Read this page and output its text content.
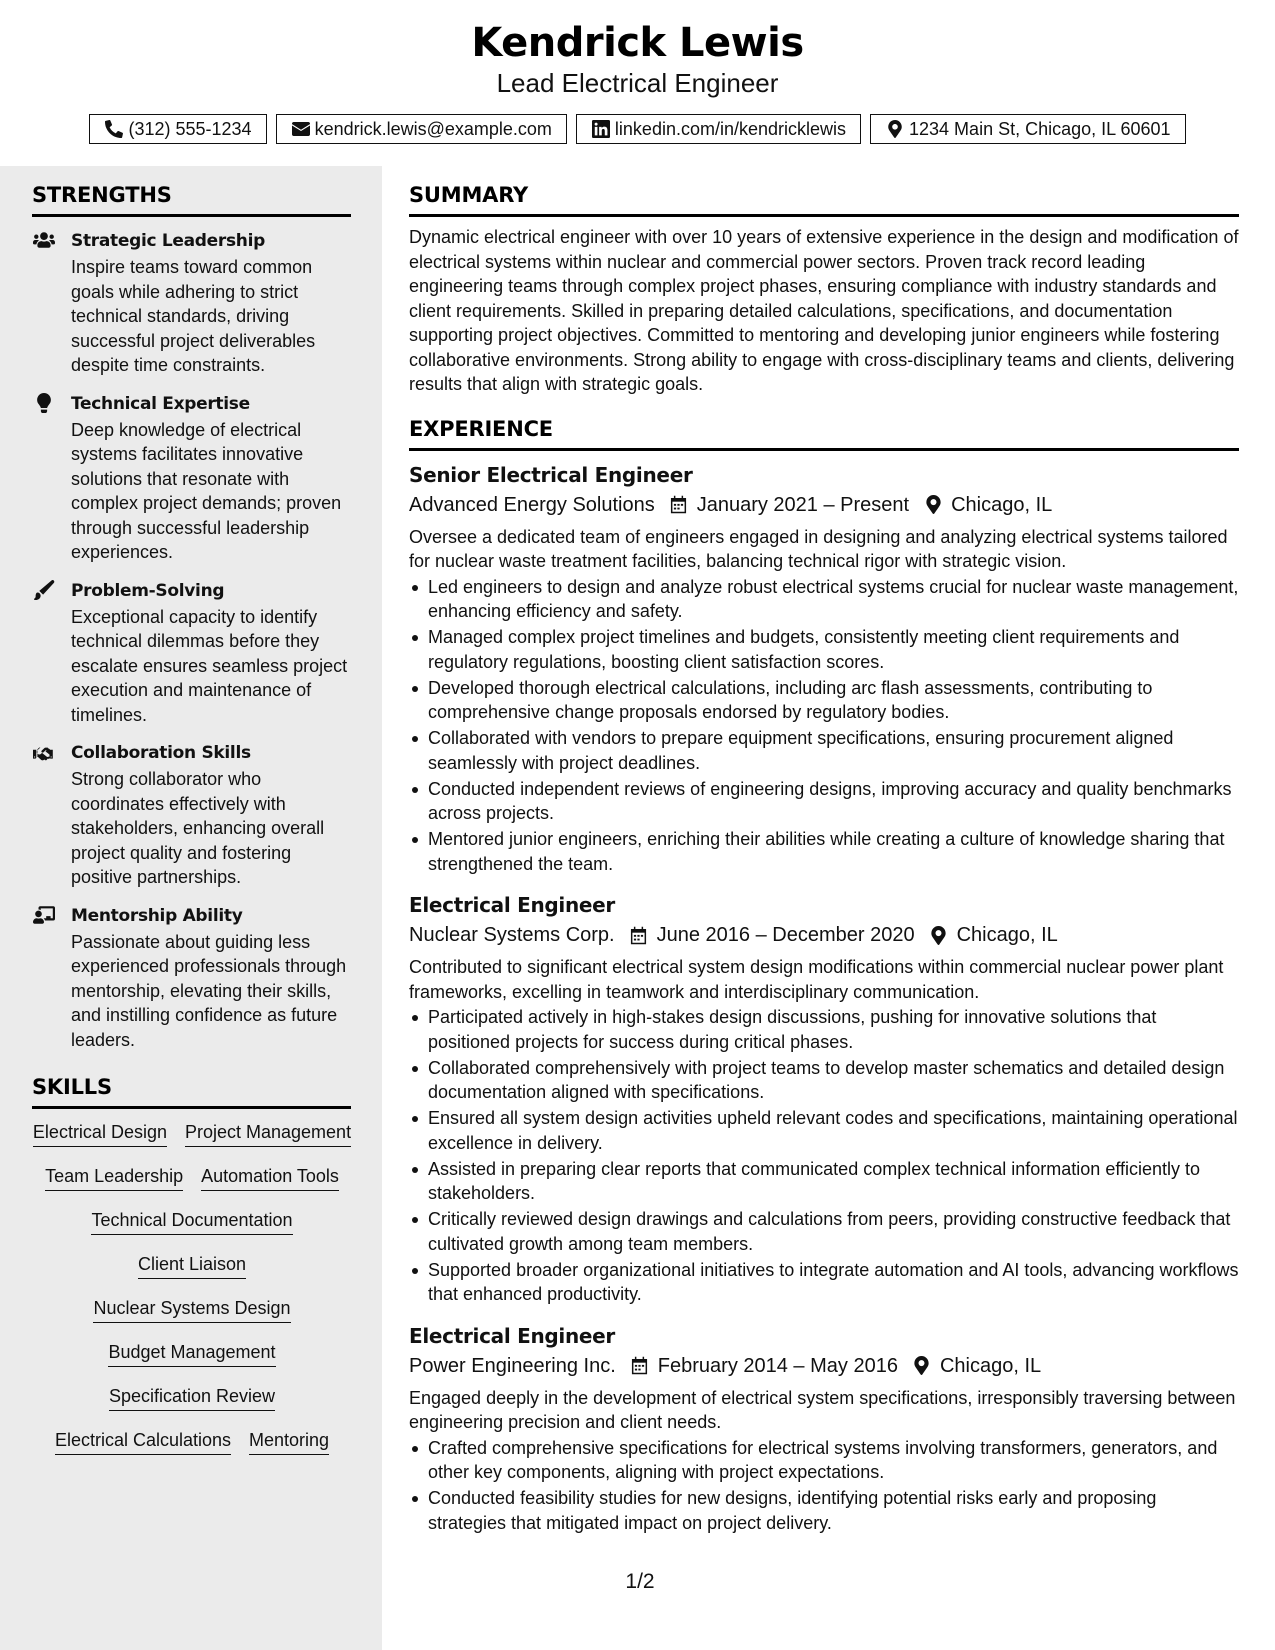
Kendrick Lewis
Lead Electrical Engineer
(312) 555-1234	kendrick.lewis@example.com	linkedin.com/in/kendricklewis	1234 Main St, Chicago, IL 60601
STRENGTHS
Strategic Leadership
Inspire teams toward common goals while adhering to strict technical standards, driving successful project deliverables despite time constraints.
Technical Expertise
Deep knowledge of electrical systems facilitates innovative solutions that resonate with complex project demands; proven through successful leadership experiences.
Problem-Solving
Exceptional capacity to identify technical dilemmas before they escalate ensures seamless project execution and maintenance of timelines.
Collaboration Skills
Strong collaborator who coordinates effectively with stakeholders, enhancing overall project quality and fostering positive partnerships.
Mentorship Ability
Passionate about guiding less experienced professionals through mentorship, elevating their skills, and instilling confidence as future leaders.
SKILLS
Electrical Design Project Management
Team Leadership Automation Tools
Technical Documentation
Client Liaison
Nuclear Systems Design
Budget Management
Specification Review
Electrical Calculations Mentoring
SUMMARY
Dynamic electrical engineer with over 10 years of extensive experience in the design and modification of electrical systems within nuclear and commercial power sectors. Proven track record leading engineering teams through complex project phases, ensuring compliance with industry standards and client requirements. Skilled in preparing detailed calculations, specifications, and documentation supporting project objectives. Committed to mentoring and developing junior engineers while fostering collaborative environments. Strong ability to engage with cross-disciplinary teams and clients, delivering results that align with strategic goals.
EXPERIENCE
Senior Electrical Engineer
Advanced Energy Solutions January 2021 – Present Chicago, IL
Oversee a dedicated team of engineers engaged in designing and analyzing electrical systems tailored for nuclear waste treatment facilities, balancing technical rigor with strategic vision.
Led engineers to design and analyze robust electrical systems crucial for nuclear waste management, enhancing efficiency and safety.
Managed complex project timelines and budgets, consistently meeting client requirements and regulatory regulations, boosting client satisfaction scores.
Developed thorough electrical calculations, including arc flash assessments, contributing to comprehensive change proposals endorsed by regulatory bodies.
Collaborated with vendors to prepare equipment specifications, ensuring procurement aligned seamlessly with project deadlines.
Conducted independent reviews of engineering designs, improving accuracy and quality benchmarks across projects.
Mentored junior engineers, enriching their abilities while creating a culture of knowledge sharing that strengthened the team.
Electrical Engineer
Nuclear Systems Corp. June 2016 – December 2020 Chicago, IL
Contributed to significant electrical system design modifications within commercial nuclear power plant frameworks, excelling in teamwork and interdisciplinary communication.
Participated actively in high-stakes design discussions, pushing for innovative solutions that positioned projects for success during critical phases.
Collaborated comprehensively with project teams to develop master schematics and detailed design documentation aligned with specifications.
Ensured all system design activities upheld relevant codes and specifications, maintaining operational excellence in delivery.
Assisted in preparing clear reports that communicated complex technical information efficiently to stakeholders.
Critically reviewed design drawings and calculations from peers, providing constructive feedback that cultivated growth among team members.
Supported broader organizational initiatives to integrate automation and AI tools, advancing workflows that enhanced productivity.
Electrical Engineer
Power Engineering Inc. February 2014 – May 2016 Chicago, IL
Engaged deeply in the development of electrical system specifications, irresponsibly traversing between engineering precision and client needs.
Crafted comprehensive specifications for electrical systems involving transformers, generators, and other key components, aligning with project expectations.
Conducted feasibility studies for new designs, identifying potential risks early and proposing strategies that mitigated impact on project delivery.
1/2
